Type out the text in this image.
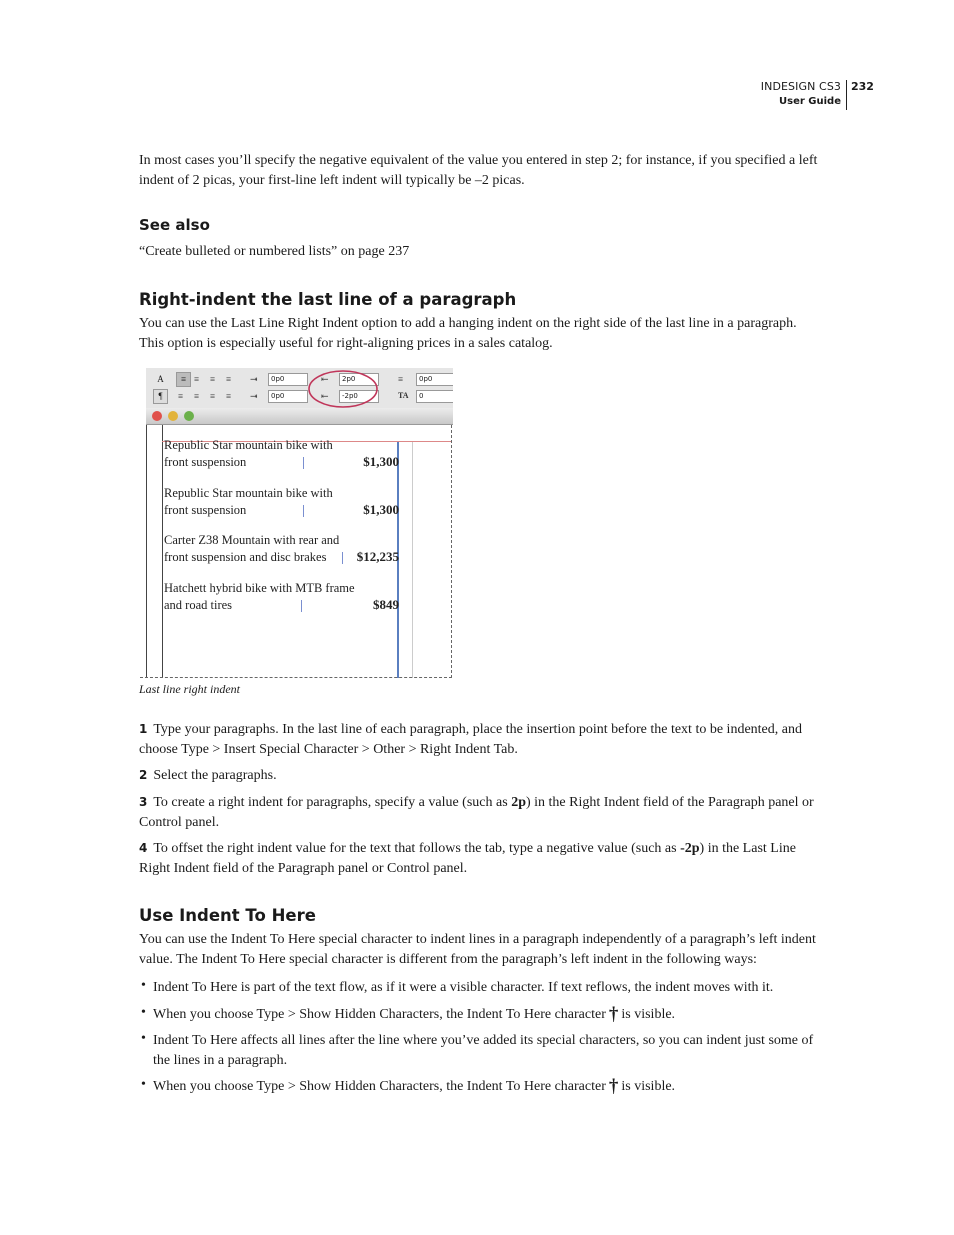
INDESIGN CS3
User Guide
232
In most cases you’ll specify the negative equivalent of the value you entered in step 2; for instance, if you specified a left indent of 2 picas, your first-line left indent will typically be –2 picas.
See also
“Create bulleted or numbered lists” on page 237
Right-indent the last line of a paragraph
You can use the Last Line Right Indent option to add a hanging indent on the right side of the last line in a paragraph. This option is especially useful for right-aligning prices in a sales catalog.
A
¶
≡ ≡	≡	≡
≡	≡	≡	≡
⇥	0p0
⇥	0p0
⇤	2p0
⇤	-2p0
≡	0p0
TA	0
Republic Star mountain bike with
front suspension	$1,300
Republic Star mountain bike with
front suspension	$1,300
Carter Z38 Mountain with rear and
front suspension and disc brakes $12,235
Hatchett hybrid bike with MTB frame
and road tires	$849
Last line right indent
1 Type your paragraphs. In the last line of each paragraph, place the insertion point before the text to be indented, and choose Type > Insert Special Character > Other > Right Indent Tab.
2 Select the paragraphs.
3 To create a right indent for paragraphs, specify a value (such as 2p) in the Right Indent field of the Paragraph panel or Control panel.
4 To offset the right indent value for the text that follows the tab, type a negative value (such as -2p) in the Last Line Right Indent field of the Paragraph panel or Control panel.
Use Indent To Here
You can use the Indent To Here special character to indent lines in a paragraph independently of a paragraph’s left indent value. The Indent To Here special character is different from the paragraph’s left indent in the following ways:
• Indent To Here is part of the text flow, as if it were a visible character. If text reflows, the indent moves with it.
• When you choose Type > Show Hidden Characters, the Indent To Here character † is visible.
• Indent To Here affects all lines after the line where you’ve added its special characters, so you can indent just some of the lines in a paragraph.
• When you choose Type > Show Hidden Characters, the Indent To Here character † is visible.
